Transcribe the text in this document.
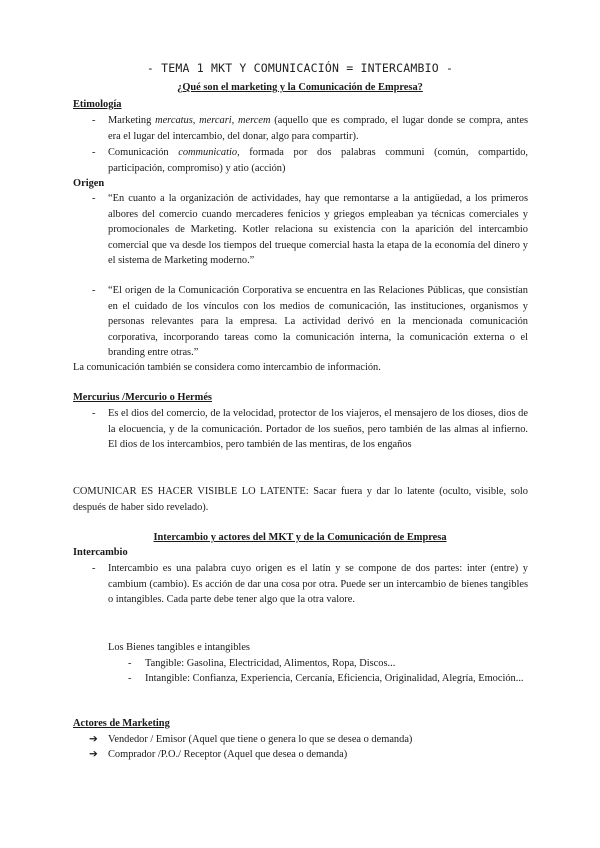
- TEMA 1 MKT Y COMUNICACIÓN = INTERCAMBIO -
¿Qué son el marketing y la Comunicación de Empresa?
Etimología
-	Marketing mercatus, mercari, mercem (aquello que es comprado, el lugar donde se compra, antes era el lugar del intercambio, del donar, algo para compartir).
-	Comunicación communicatio, formada por dos palabras communi (común, compartido, participación, compromiso) y atio (acción)
Origen
-	“En cuanto a la organización de actividades, hay que remontarse a la antigüedad, a los primeros albores del comercio cuando mercaderes fenicios y griegos empleaban ya técnicas comerciales y promocionales de Marketing. Kotler relaciona su existencia con la aparición del intercambio comercial que va desde los tiempos del trueque comercial hasta la etapa de la economía del dinero y el sistema de Marketing moderno.”
-	“El origen de la Comunicación Corporativa se encuentra en las Relaciones Públicas, que consistían en el cuidado de los vínculos con los medios de comunicación, las instituciones, organismos y personas relevantes para la empresa. La actividad derivó en la mencionada comunicación corporativa, incorporando tareas como la comunicación interna, la comunicación externa o el branding entre otras.”
La comunicación también se considera como intercambio de información.
Mercurius /Mercurio o Hermés
-	Es el dios del comercio, de la velocidad, protector de los viajeros, el mensajero de los dioses, dios de la elocuencia, y de la comunicación. Portador de los sueños, pero también de las almas al infierno. El dios de los intercambios, pero también de las mentiras, de los engaños
COMUNICAR ES HACER VISIBLE LO LATENTE: Sacar fuera y dar lo latente (oculto, visible, solo después de haber sido revelado).
Intercambio y actores del MKT y de la Comunicación de Empresa
Intercambio
-	Intercambio es una palabra cuyo origen es el latín y se compone de dos partes: inter (entre) y cambium (cambio). Es acción de dar una cosa por otra. Puede ser un intercambio de bienes tangibles o intangibles. Cada parte debe tener algo que la otra valore.
Los Bienes tangibles e intangibles
-	Tangible: Gasolina, Electricidad, Alimentos, Ropa, Discos...
-	Intangible: Confianza, Experiencia, Cercanía, Eficiencia, Originalidad, Alegría, Emoción...
Actores de Marketing
➔ Vendedor / Emisor (Aquel que tiene o genera lo que se desea o demanda)
➔ Comprador /P.O./ Receptor (Aquel que desea o demanda)
